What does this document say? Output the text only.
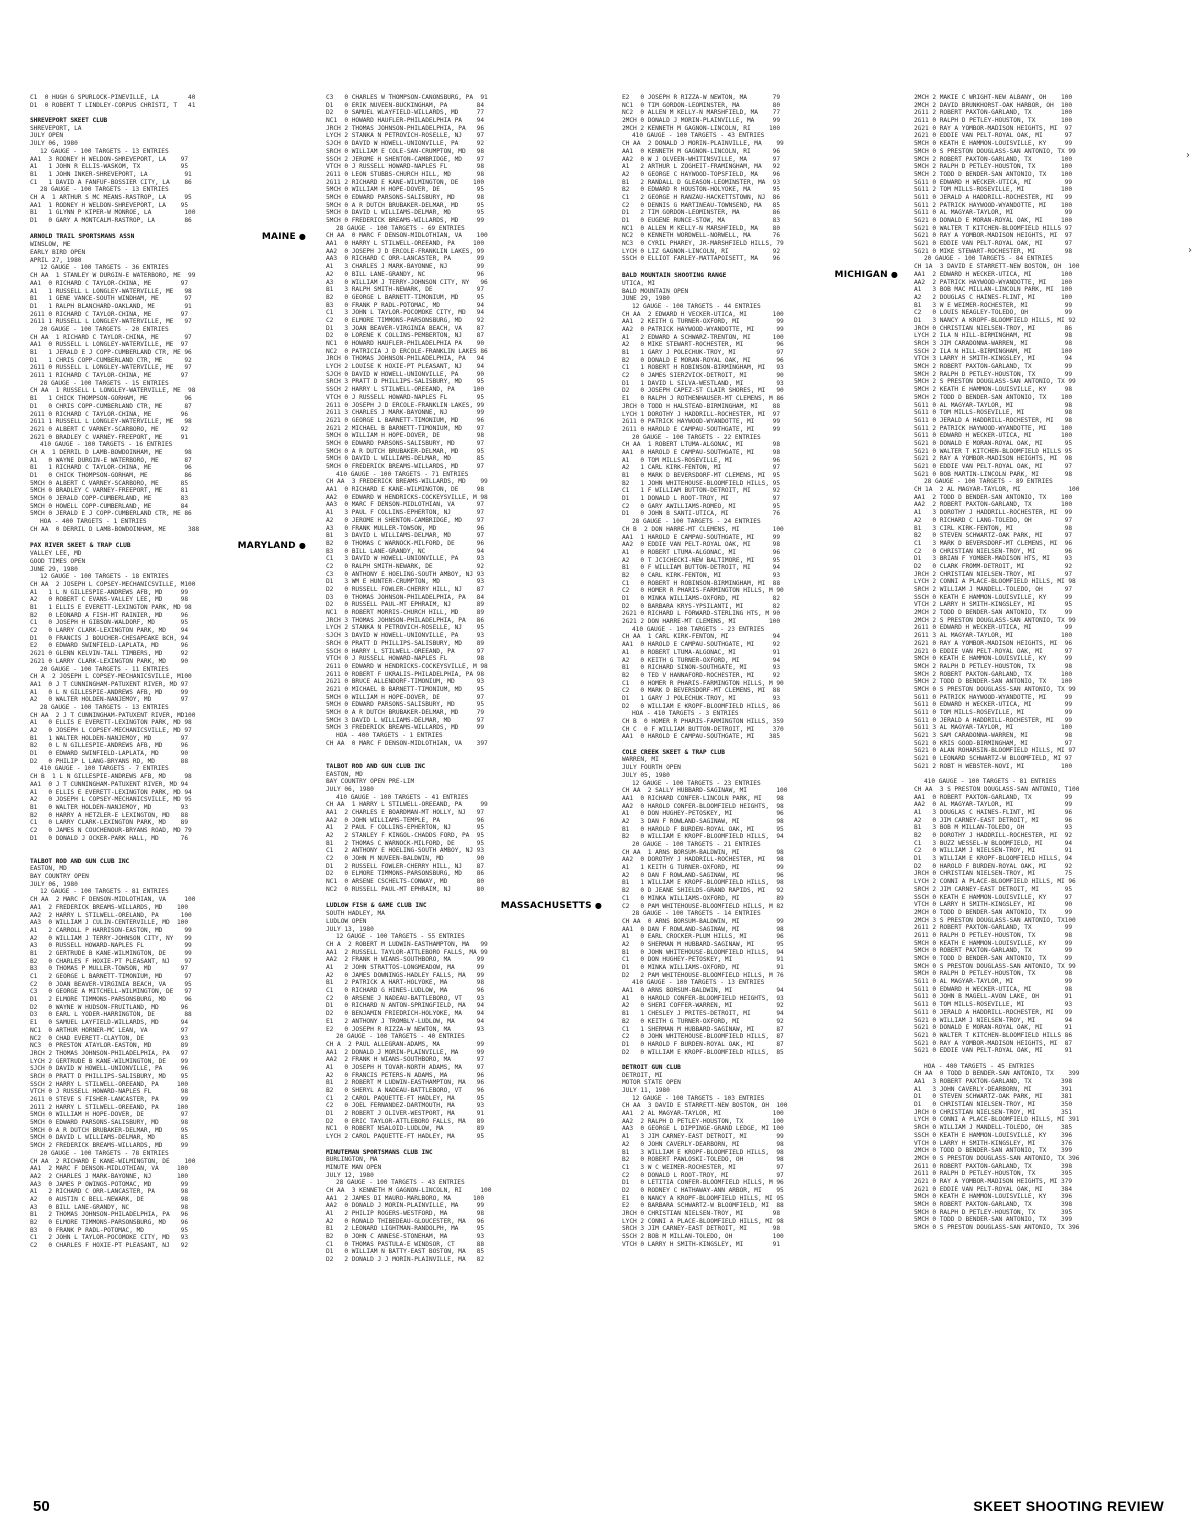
C1  0 HUGH G SPURLOCK-PINEVILLE, LA        40
D1  0 ROBERT T LINDLEY-CORPUS CHRISTI, T   41
SHREVEPORT SKEET CLUB
SHREVEPORT, LA
JULY OPEN
JULY 06, 1980
12 GAUGE - 100 TARGETS - 13 ENTRIES
AA1  3 RODNEY H WELDON-SHREVEPORT, LA    97
A1   1 JOHN R ELLIS-WASKOM, TX           95
B1   1 JOHN INKER-SHREVEPORT, LA          91
C1   1 DAVID A FANFUF-BOSSIER CITY, LA    86
28 GAUGE - 100 TARGETS - 13 ENTRIES
CH A  1 ARTHUR S MC MEANS-RASTROP, LA     95
AA1  1 RODNEY H WELDON-SHREVEPORT, LA    95
B1   1 GLYNN P KIPER-W MONROE, LA         100
D1   0 GARY A MONTCALM-RASTROP, LA        86
ARNOLD TRAIL SPORTSMANS ASSN	MAINE ●
WINSLOW, ME
EARLY BIRD OPEN
APRIL 27, 1980
12 GAUGE - 100 TARGETS - 36 ENTRIES
CH AA  1 STANLEY W DURGIN-E WATERBORO, ME  99
AA1  0 RICHARD C TAYLOR-CHINA, ME        97
A1   1 RUSSELL L LONGLEY-WATERVILLE, ME   98
B1   1 GENE VANCE-SOUTH WINDHAM, ME       97
D1   1 RALPH BLANCHARD-OAKLAND, ME        91
2G11 0 RICHARD C TAYLOR-CHINA, ME        97
2G11 1 RUSSELL L LONGLEY-WATERVILLE, ME   97
20 GAUGE - 100 TARGETS - 20 ENTRIES
CH AA  1 RICHARD C TAYLOR-CHINA, ME       97
AA1  0 RUSSELL L LONGLEY-WATERVILLE, ME  97
B1   1 JERALD E J COPP-CUMBERLAND CTR, ME 96
D1   1 CHRIS COPP-CUMBERLAND CTR, ME      92
2G11 0 RUSSELL L LONGLEY-WATERVILLE, ME   97
2G11 1 RICHARD C TAYLOR-CHINA, ME        97
28 GAUGE - 100 TARGETS - 15 ENTRIES
CH AA  1 RUSSELL L LONGLEY-WATERVILLE, ME  98
B1   1 CHICK THOMPSON-GORHAM, ME          96
D1   0 CHRIS COPP-CUMBERLAND CTR, ME      87
2G11 0 RICHARD C TAYLOR-CHINA, ME        96
2G11 1 RUSSELL L LONGLEY-WATERVILLE, ME   98
2G21 0 ALBERT C VARNEY-SCARBORO, ME      92
2G21 0 BRADLEY C VARNEY-FREEPORT, ME     91
410 GAUGE - 100 TARGETS - 16 ENTRIES
CH A  1 DERRIL D LAMB-BOWDOINHAM, ME      98
A1   0 WAYNE DURGIN-E WATERBORO, ME       87
B1   1 RICHARD C TAYLOR-CHINA, ME         96
D1   0 CHICK THOMPSON-GORHAM, ME          86
5MCH 0 ALBERT C VARNEY-SCARBORO, ME      85
5MCH 0 BRADLEY C VARNEY-FREEPORT, ME     81
5MCH 0 JERALD COPP-CUMBERLAND, ME        83
5MCH 0 HOWELL COPP-CUMBERLAND, ME        84
5MCH 0 JERALD E J COPP-CUMBERLAND CTR, ME 86
HOA - 400 TARGETS - 1 ENTRIES
CH AA  0 DERRIL D LAMB-BOWDOINHAM, ME      388
PAX RIVER SKEET & TRAP CLUB	MARYLAND ●
VALLEY LEE, MD
GOOD TIMES OPEN
JUNE 29, 1980
12 GAUGE - 100 TARGETS - 18 ENTRIES
CH AA  2 JOSEPH L COPSEY-MECHANICSVILLE, M100
A1   1 L N GILLESPIE-ANDREWS AFB, MD     99
A2   0 ROBERT C EVANS-VALLEY LEE, MD     98
B1   1 ELLIS E EVERETT-LEXINGTON PARK, MD 98
B2   0 LEONARD A FISH-MT RAINIER, MD     96
C1   0 JOSEPH H GIBSON-WALDORF, MD       95
C2   0 LARRY CLARK-LEXINGTON PARK, MD    94
D1   0 FRANCIS J BOUCHER-CHESAPEAKE BCH, 94
E2   0 EDWARD SWINFIELD-LAPLATA, MD      96
2G21 0 GLENN KELVIN-TALL TIMBERS, MD     92
2G21 0 LARRY CLARK-LEXINGTON PARK, MD    90
20 GAUGE - 100 TARGETS - 11 ENTRIES
CH A  2 JOSEPH L COPSEY-MECHANICSVILLE, M100
AA1  0 J T CUNNINGHAM-PATUXENT RIVER, MD 97
A1   0 L N GILLESPIE-ANDREWS AFB, MD     99
A2   0 WALTER HOLDEN-NANJEMOY, MD        97
28 GAUGE - 100 TARGETS - 13 ENTRIES
CH AA  2 J T CUNNINGHAM-PATUXENT RIVER, MD100
A1   0 ELLIS E EVERETT-LEXINGTON PARK, MD 98
A2   0 JOSEPH L COPSEY-MECHANICSVILLE, MD 97
B1   1 WALTER HOLDEN-NANJEMOY, MD        97
B2   0 L N GILLESPIE-ANDREWS AFB, MD     96
D1   0 EDWARD SWINFIELD-LAPLATA, MD      90
D2   0 PHILIP L LANG-BRYANS RD, MD       88
410 GAUGE - 100 TARGETS - 7 ENTRIES
CH B  1 L N GILLESPIE-ANDREWS AFB, MD     98
AA1  0 J T CUNNINGHAM-PATUXENT RIVER, MD 94
A1   0 ELLIS E EVERETT-LEXINGTON PARK, MD 94
A2   0 JOSEPH L COPSEY-MECHANICSVILLE, MD 95
B1   0 WALTER HOLDEN-NANJEMOY, MD        93
B2   0 HARRY A HETZLER-E LEXINGTON, MD   88
C1   0 LARRY CLARK-LEXINGTON PARK, MD    89
C2   0 JAMES N COUCHENOUR-BRYANS ROAD, MD 79
D1   0 DONALD J OCKER-PARK HALL, MD      76
TALBOT ROD AND GUN CLUB INC
EASTON, MD
BAY COUNTRY OPEN
JULY 06, 1980
12 GAUGE - 100 TARGETS - 81 ENTRIES
CH AA  2 MARC F DENSON-MIDLOTHIAN, VA     100
AA1  2 FREDERICK BREAMS-WILLARDS, MD    100
AA2  2 HARRY L STILWELL-ORELAND, PA      100
AA3  0 WILLIAM J CULIN-CENTERVILLE, MD  100
A1   2 CARROLL P HARRISON-EASTON, MD      99
A2   0 WILLIAM J TERRY-JOHNSON CITY, NY   99
A3   0 RUSSELL HOWARD-NAPLES FL           99
B1   2 GERTRUDE B KANE-WILMINGTON, DE     99
B2   0 CHARLES F HOXIE-PT PLEASANT, NJ    97
B3   0 THOMAS P MULLER-TOWSON, MD        97
C1   2 GEORGE L BARNETT-TIMONIUM, MD      97
C2   0 JOAN BEAVER-VIRGINIA BEACH, VA     95
C3   0 GEORGE A MITCHELL-WILMINGTON, DE   97
D1   2 ELMORE TIMMONS-PARSONSBURG, MD     96
D2   0 WAYNE W HUDSON-FRUITLAND, MD      96
D3   0 EARL L YODER-HARRINGTON, DE        88
E1   0 SAMUEL LAYFIELD-WILLARDS, MD      94
NC1  0 ARTHUR HORNER-MC LEAN, VA         97
NC2  0 CHAD EVERETT-CLAYTON, DE          93
NC3  0 PRESTON ATAYLOR-EASTON, MD        89
JRCH 2 THOMAS JOHNSON-PHILADELPHIA, PA   97
LYCH 2 GERTRUDE B KANE-WILMINGTON, DE    99
SJCH 0 DAVID W HOWELL-UNIONVILLE, PA     96
SRCH 0 PRATT D PHILLIPS-SALISBURY, MD    95
SSCH 2 HARRY L STILWELL-OREEAND, PA     100
VTCH 0 J RUSSELL HOWARD-NAPLES FL        98
2G11 0 STEVE S FISHER-LANCASTER, PA      99
2G11 2 HARRY L STILWELL-OREEAND, PA     100
5MCH 0 WILLIAM H HOPE-DOVER, DE          97
5MCH 0 EDWARD PARSONS-SALISBURY, MD      98
5MCH 0 A R DUTCH BRUBAKER-DELMAR, MD     95
5MCH 0 DAVID L WILLIAMS-DELMAR, MD       85
5MCH 2 FREDERICK BREAMS-WILLARDS, MD     99
20 GAUGE - 100 TARGETS - 78 ENTRIES
CH AA  2 RICHARD E KANE-WILMINGTON, DE    100
AA1  2 MARC F DENSON-MIDLOTHIAN, VA     100
AA2  2 CHARLES J MARK-BAYONNE, NJ       100
AA3  0 JAMES P OWINGS-POTOMAC, MD        99
A1   2 RICHARD C ORR-LANCASTER, PA       98
A2   0 AUSTIN C BELL-NEWARK, DE          98
A3   0 BILL LANE-GRANDY, NC              98
B1   2 THOMAS JOHNSON-PHILADELPHIA, PA   96
B2   0 ELMORE TIMMONS-PARSONSBURG, MD    96
B3   0 FRANK P RADL-POTOMAC, MD          95
C1   2 JOHN L TAYLOR-POCOMOKE CITY, MD   93
C2   0 CHARLES F HOXIE-PT PLEASANT, NJ   92
C3   0 CHARLES W THOMPSON-CANONSBURG, PA  91
D1   0 ERIK NUVEEN-BUCKINGHAM, PA        84
D2   0 SAMUEL WLAYFIELD-WILLARDS, MD     77
NC1  0 HOWARD HAUFLER-PHILADELPHIA PA    94
JRCH 2 THOMAS JOHNSON-PHILADELPHIA, PA   96
LYCH 2 STANKA N PETROVICH-ROSELLE, NJ    97
SJCH 0 DAVID W HOWELL-UNIONVILLE, PA     92
SRCH 0 WILLIAM E COLE-SAN-CRUMPTON, MD   98
SSCH 2 JEROME H SHENTON-CAMBRIDGE, MD    97
VTCH 0 J RUSSELL HOWARD-NAPLES FL        98
2G11 0 LEON STUBBS-CHURCH HILL, MD       98
2G11 2 RICHARD E KANE-WILMINGTON, DE    100
5MCH 0 WILLIAM H HOPE-DOVER, DE          95
5MCH 0 EDWARD PARSONS-SALISBURY, MD      98
5MCH 0 A R DUTCH BRUBAKER-DELMAR, MD     95
5MCH 0 DAVID L WILLIAMS-DELMAR, MD       95
5MCH 0 FREDERICK BREAMS-WILLARDS, MD     99
28 GAUGE - 100 TARGETS - 69 ENTRIES
CH AA  0 MARC F DENSON-MIDLOTHIAN, VA    100
AA1  0 HARRY L STILWELL-OREEAND, PA     100
AA2  0 JOSEPH J D ERCOLE-FRANKLIN LAKES, 99
AA3  0 RICHARD C ORR-LANCASTER, PA       99
A1   3 CHARLES J MARK-BAYONNE, NJ        99
A2   0 BILL LANE-GRANDY, NC              96
A3   0 WILLIAM J TERRY-JOHNSON CITY, NY   96
B1   3 RALPH SMITH-NEWARK, DE            97
B2   0 GEORGE L BARNETT-TIMONIUM, MD     95
B3   0 FRANK P RADL-POTOMAC, MD          94
C1   3 JOHN L TAYLOR-POCOMOKE CITY, MD   94
C2   0 ELMORE TIMMONS-PARSONSBURG, MD    92
D1   3 JOAN BEAVER-VIRGINIA BEACH, VA    87
D2   0 LORENE K COLLINS-PEMBERTON, NJ    87
NC1  0 HOWARD HAUFLER-PHILADELPHIA PA    90
NC2  0 PATRICIA J D ERCOLE-FRANKLIN LAKES 86
JRCH 0 THOMAS JOHNSON-PHILADELPHIA, PA   94
LYCH 2 LOUISE K HOXIE-PT PLEASANT, NJ    94
SJCH 0 DAVID W HOWELL-UNIONVILLE, PA     90
SRCH 3 PRATT D PHILLIPS-SALISBURY, MD    95
SSCH 2 HARRY L STILWELL-OREEAND, PA     100
VTCH 0 J RUSSELL HOWARD-NAPLES FL        95
2G11 0 JOSEPH J D ERCOLE-FRANKLIN LAKES, 99
2G11 3 CHARLES J MARK-BAYONNE, NJ        99
2G21 0 GEORGE L BARNETT-TIMONIUM, MD     96
2G21 2 MICHAEL B BARNETT-TIMONIUM, MD    97
5MCH 0 WILLIAM H HOPE-DOVER, DE          98
5MCH 0 EDWARD PARSONS-SALISBURY, MD      97
5MCH 0 A R DUTCH BRUBAKER-DELMAR, MD     95
5MCH 0 DAVID L WILLIAMS-DELMAR, MD       85
5MCH 0 FREDERICK BREAMS-WILLARDS, MD     97
410 GAUGE - 100 TARGETS - 71 ENTRIES
CH AA  3 FREDERICK BREAMS-WILLARDS, MD    99
AA1  0 RICHARD E KANE-WILMINGTON, DE     98
AA2  0 EDWARD W HENDRICKS-COCKEYSVILLE, M 98
AA3  0 MARC F DENSON-MIDLOTHIAN, VA      97
A1   3 PAUL F COLLINS-EPHERTON, NJ       97
A2   0 JEROME H SHENTON-CAMBRIDGE, MD    97
A3   0 FRANK MULLER-TOWSON, MD           96
B1   3 DAVID L WILLIAMS-DELMAR, MD       97
B2   0 THOMAS C WARNOCK-MILFORD, DE      96
B3   0 BILL LANE-GRANDY, NC              94
C1   3 DAVID W HOWELL-UNIONVILLE, PA     93
C2   0 RALPH SMITH-NEWARK, DE            92
C3   0 ANTHONY E HOELING-SOUTH AMBOY, NJ 93
D1   3 WM E HUNTER-CRUMPTON, MD          93
D2   0 RUSSELL FOWLER-CHERRY HILL, NJ    87
D3   0 THOMAS JOHNSON-PHILADELPHIA, PA   84
D2   0 RUSSELL PAUL-MT EPHRAIM, NJ       89
NC1  0 ROBERT MORRIS-CHURCH HILL, MD     89
JRCH 3 THOMAS JOHNSON-PHILADELPHIA, PA   86
LYCH 2 STANKA N PETROVICH-ROSELLE, NJ    95
SJCH 3 DAVID W HOWELL-UNIONVILLE, PA     93
SRCH 0 PRATT D PHILLIPS-SALISBURY, MD    89
SSCH 0 HARRY L STILWELL-OREEAND, PA      97
VTCH 0 J RUSSELL HOWARD-NAPLES FL        98
2G11 0 EDWARD W HENDRICKS-COCKEYSVILLE, M 98
2G11 0 ROBERT F UKRALIS-PHILADELPHIA, PA 98
2G21 0 BRUCE ALLENDORF-TIMONIUM, MD      93
2G21 0 MICHAEL B BARNETT-TIMONIUM, MD    95
5MCH 0 WILLIAM H HOPE-DOVER, DE          97
5MCH 0 EDWARD PARSONS-SALISBURY, MD      95
5MCH 0 A R DUTCH BRUBAKER-DELMAR, MD     79
5MCH 3 DAVID L WILLIAMS-DELMAR, MD       97
5MCH 3 FREDERICK BREAMS-WILLARDS, MD     99
HOA - 400 TARGETS - 1 ENTRIES
CH AA  0 MARC F DENSON-MIDLOTHIAN, VA    397
TALBOT ROD AND GUN CLUB INC
EASTON, MD
BAY COUNTRY OPEN PRE-LIM
JULY 06, 1980
410 GAUGE - 100 TARGETS - 41 ENTRIES
CH AA  1 HARRY L STILWELL-OREEAND, PA     99
AA1  2 CHARLES E BOARDMAN-MT HOLLY, NJ   97
AA2  0 JOHN WILLIAMS-TEMPLE, PA          96
A1   2 PAUL F COLLINS-EPHERTON, NJ       95
A2   2 STANLEY F KINGOL-CHADDS FORD, PA  95
B1   2 THOMAS C WARNOCK-MILFORD, DE      95
C1   2 ANTHONY E HOELING-SOUTH AMBOY, NJ 93
C2   0 JOHN M NUVEEN-BALDWIN, MD         90
D1   2 RUSSELL FOWLER-CHERRY HILL, NJ    87
D2   0 ELMORE TIMMONS-PARSONSBURG, MD    86
NC1  0 ARSENE CSCHELTS-CONWAY, MD        80
NC2  0 RUSSELL PAUL-MT EPHRAIM, NJ       80
LUDLOW FISH & GAME CLUB INC	MASSACHUSETTS ●
SOUTH HADLEY, MA
LUDLOW OPEN
JULY 13, 1980
12 GAUGE - 100 TARGETS - 55 ENTRIES
CH A  2 ROBERT M LUDWIN-EASTHAMPTON, MA   99
AA1  2 RUSSELL TAYLOR-ATTLEBORO FALLS, MA 99
AA2  2 FRANK H WIANS-SOUTHBORO, MA       99
A1   2 JOHN STRATTOS-LONGMEADOW, MA      99
A2   0 JAMES DOWNINGS-HADLEY FALLS, MA   99
B1   2 PATRICK A HART-HOLYOKE, MA        98
C1   0 RICHARD G HINES-LUDLOW, MA        96
C2   0 ARSENE J NADEAU-BATTLEBORO, VT    93
D1   0 RICHARD N ANTON-SPRINGFIELD, MA   94
D2   0 BENJAMIN FRIEDRICH-HOLYOKE, MA    94
E1   2 ANTHONY J TROMBLY-LUDLOW, MA      94
E2   0 JOSEPH R RIZZA-W NEWTON, MA       93
20 GAUGE - 100 TARGETS - 40 ENTRIES
CH A  2 PAUL ALLEGRAN-ADAMS, MA          99
AA1  2 DONALD J MORIN-PLAINVILLE, MA     99
AA2  2 FRANK H WIANS-SOUTHBORO, MA       97
A1   0 JOSEPH H TOVAR-NORTH ADAMS, MA    97
A2   0 FRANCIS PETERS-N ADAMS, MA        96
B1   2 ROBERT M LUDWIN-EASTHAMPTON, MA   96
B2   0 SHERYL A NADEAU-BATTLEBORO, VT    96
C1   2 CAROL PAQUETTE-FT HADLEY, MA      95
C2   0 JOEL FERNANDEZ-DARTMOUTH, MA      93
D1   2 ROBERT J OLIVER-WESTPORT, MA      91
D2   0 ERIC TAYLOR-ATTLEBORO FALLS, MA   89
NC1  0 ROBERT NSALOID-LUDLOW, MA         89
LYCH 2 CAROL PAQUETTE-FT HADLEY, MA      95
MINUTEMAN SPORTSMANS CLUB INC
BURLINGTON, MA
MINUTE MAN OPEN
JULY 12, 1980
28 GAUGE - 100 TARGETS - 43 ENTRIES
CH AA  3 KENNETH M GAGNON-LINCOLN, RI     100
AA1  2 JAMES DI MAURO-MARLBORO, MA      100
AA2  0 DONALD J MORIN-PLAINVILLE, MA     99
A1   2 PHILIP ROGERS-WESTFORD, MA        98
A2   0 RONALD THIBEDEAU-GLOUCESTER, MA   96
B1   2 LEONARD LIGHTMAN-RANDOLPH, MA     95
B2   0 JOHN C ANNESE-STONEHAM, MA        93
C1   0 THOMAS PASTULA-E WINDSOR, CT      88
D1   0 WILLIAM N BATTY-EAST BOSTON, MA   85
D2   2 DONALD J J MORIN-PLAINVILLE, MA   82
E2   0 JOSEPH R RIZZA-W NEWTON, MA       79
NC1  0 TIM GORDON-LEOMINSTER, MA         80
NC2  0 ALLEN M KELLY-N MARSHFIELD, MA    77
2MCH 0 DONALD J MORIN-PLAINVILLE, MA     99
2MCH 2 KENNETH M GAGNON-LINCOLN, RI     100
410 GAUGE - 100 TARGETS - 43 ENTRIES
CH AA  2 DONALD J MORIN-PLAINVILLE, MA    99
AA1  0 KENNETH M GAGNON-LINCOLN, RI      96
AA2  0 W J OLVEEN-WHITINSVILLE, MA       97
A1   2 ARTHUR L ZOGHEIT-FRAMINGHAM, MA   92
A2   0 GEORGE C HAYWOOD-TOPSFIELD, MA    96
B1   2 RANDALL D GLEASON-LEOMINSTER, MA  93
B2   0 EDWARD R HOUSTON-HOLYOKE, MA      95
C1   2 GEORGE H RANZAU-HACKETTSTOWN, NJ  86
C2   0 DENNIS G MARTINEAU-TOWNSEND, MA   85
D1   2 TIM GORDON-LEOMINSTER, MA         86
D1   0 EUGENE RUNCE-STOW, MA             83
NC1  0 ALLEN M KELLY-N MARSHFIELD, MA    80
NC2  0 KENNETH WORDWELL-NORWELL, MA      76
NC3  0 CYRIL PHAREY, JR-MARSHFIELD HILLS, 79
LYCH 0 LIZ GAGNON-LINCOLN, RI            92
SSCH 0 ELLIOT FARLEY-MATTAPOISETT, MA    96
BALD MOUNTAIN SHOOTING RANGE	MICHIGAN ●
UTICA, MI
BALD MOUNTAIN OPEN
JUNE 29, 1980
12 GAUGE - 100 TARGETS - 44 ENTRIES
CH AA  2 EDWARD H VECKER-UTICA, MI       100
AA1  2 KEITH G TURNER-OXFORD, MI          99
AA2  0 PATRICK HAYWOOD-WYANDOTTE, MI      99
A1   2 EDWARD A SCHWARZ-TRENTON, MI      100
A2   0 MIKE STEWART-ROCHESTER, MI         96
B1   1 GARY J POLECHUK-TROY, MI           97
B2   0 DONALD E MORAN-ROYAL OAK, MI       96
C1   1 ROBERT H ROBINSON-BIRMINGHAM, MI   93
C2   0 JAMES SIERZVICK-DETROIT, MI        90
D1   1 DAVID L SILVA-WESTLAND, MI         93
D2   0 JOSEPH CAPEZ-ST CLAIR SHORES, MI   90
E1   0 RALPH J ROTHENHAUSER-MT CLEMENS, M 86
JRCH 0 TODD H HALSTEAD-BIRMINGHAM, MI    88
LYCH 1 DOROTHY J HADDRILL-ROCHESTER, MI  97
2G11 0 PATRICK HAYWOOD-WYANDOTTE, MI     99
2G11 0 HAROLD E CAMPAU-SOUTHGATE, MI     99
20 GAUGE - 100 TARGETS - 22 ENTRIES
CH AA  1 ROBERT LTUMA-ALGONAC, MI        98
AA1  0 HAROLD E CAMPAU-SOUTHGATE, MI     98
A1   0 TOM MILLS-ROSEVILLE, MI           96
A2   1 CARL KIRK-FENTON, MI              97
B1   0 MARK D BEVERSDORF-MT CLEMENS, MI  95
B2   1 JOHN WHITEHOUSE-BLOOMFIELD HILLS, 95
C1   1 F WILLIAM BUTTON-DETROIT, MI      92
D1   1 DONALD L ROOT-TROY, MI            97
C2   0 GARY AWILLIAMS-ROMEO, MI          95
D1   0 JOHN B SANTI-UTICA, MI            76
28 GAUGE - 100 TARGETS - 24 ENTRIES
CH B  2 DON HARRE-MT CLEMENS, MI         100
AA1  1 HAROLD E CAMPAU-SOUTHGATE, MI     99
AA2  0 EDDIE VAN PELT-ROYAL OAK, MI      98
A1   0 ROBERT LTUMA-ALGONAC, MI          96
A2   0 T JCICHECKI-NEW BALTIMORE, MI     95
B1   0 F WILLIAM BUTTON-DETROIT, MI      94
B2   0 CARL KIRK-FENTON, MI              93
C1   0 ROBERT H ROBINSON-BIRMINGHAM, MI  88
C2   0 HOMER R PHARIS-FARMINGTON HILLS, M 90
D1   0 MINKA WILLIAMS-OXFORD, MI         82
D2   0 BARBARA KRYS-YPSILANTI, MI        82
2G21 0 RICHARD L FORWARD-STERLING HTS, M 90
2G21 2 DON HARRE-MT CLEMENS, MI         100
410 GAUGE - 100 TARGETS - 23 ENTRIES
CH AA  1 CARL KIRK-FENTON, MI            94
AA1  0 HAROLD E CAMPAU-SOUTHGATE, MI     92
A1   0 ROBERT LTUMA-ALGONAC, MI          91
A2   0 KEITH G TURNER-OXFORD, MI         94
B1   0 RICHARD SINON-SOUTHGATE, MI       93
B2   0 TED V HANNAFORD-ROCHESTER, MI     92
C1   0 HOMER R PHARIS-FARMINGTON HILLS, M 90
C2   0 MARK D BEVERSDORF-MT CLEMENS, MI  88
D1   1 GARY J POLECHUK-TROY, MI          93
D2   0 WILLIAM E KROPF-BLOOMFIELD HILLS, 86
HOA - 410 TARGETS - 3 ENTRIES
CH B  0 HOMER R PHARIS-FARMINGTON HILLS, 359
CH C  0 F WILLIAM BUTTON-DETROIT, MI     370
AA1  0 HAROLD E CAMPAU-SOUTHGATE, MI    385
COLE CREEK SKEET & TRAP CLUB
WARREN, MI
JULY FOURTH OPEN
JULY 05, 1980
12 GAUGE - 100 TARGETS - 23 ENTRIES
CH AA  2 SALLY HUBBARD-SAGINAW, MI        100
AA1  0 RICHARD CONFER-LINCOLN PARK, MI    98
AA2  0 HAROLD CONFER-BLOOMFIELD HEIGHTS,  98
A1   0 DON HUGHEY-PETOSKEY, MI            96
A2   3 DAN F ROWLAND-SAGINAW, MI          98
B1   0 HAROLD F BURDEN-ROYAL OAK, MI      95
B2   0 WILLIAM E KROPF-BLOOMFIELD HILLS,  94
20 GAUGE - 100 TARGETS - 21 ENTRIES
CH AA  1 ARNS BORSUM-BALDWIN, MI          98
AA2  0 DOROTHY J HADDRILL-ROCHESTER, MI   98
A1   1 KEITH G TURNER-OXFORD, MI          99
A2   0 DAN F ROWLAND-SAGINAW, MI          96
B1   1 WILLIAM E KROPF-BLOOMFIELD HILLS,  98
B2   0 D JEANE SHIELDS-GRAND RAPIDS, MI   92
C1   0 MINKA WILLIAMS-OXFORD, MI          89
C2   0 PAM WHITEHOUSE-BLOOMFIELD HILLS, M 82
28 GAUGE - 100 TARGETS - 14 ENTRIES
CH AA  0 ARNS BORSUM-BALDWIN, MI          99
AA1  0 DAN F ROWLAND-SAGINAW, MI          98
A1   0 EARL CROCKER-PLUM HILLS, MI        96
A2   0 SHERMAN M HUBBARD-SAGINAW, MI      95
B1   0 JOHN WHITEHOUSE-BLOOMFIELD HILLS,  94
C1   0 DON HUGHEY-PETOSKEY, MI            91
D1   0 MINKA WILLIAMS-OXFORD, MI          91
D2   2 PAM WHITEHOUSE-BLOOMFIELD HILLS, M 76
410 GAUGE - 100 TARGETS - 13 ENTRIES
AA1  0 ARNS BORSUM-BALDWIN, MI            94
A1   0 HAROLD CONFER-BLOOMFIELD HEIGHTS,  93
A2   0 SHERI COFFER-WARREN, MI            92
B1   1 CHESLEY J PRITES-DETROIT, MI       94
B2   0 KEITH G TURNER-OXFORD, MI          92
C1   1 SHERMAN M HUBBARD-SAGINAW, MI      87
C2   0 JOHN WHITEHOUSE-BLOOMFIELD HILLS,  87
D1   0 HAROLD F BURDEN-ROYAL OAK, MI      87
D2   0 WILLIAM E KROPF-BLOOMFIELD HILLS,  85
DETROIT GUN CLUB
DETROIT, MI
MOTOR STATE OPEN
JULY 11, 1980
12 GAUGE - 100 TARGETS - 103 ENTRIES
CH AA  3 DAVID E STARRETT-NEW BOSTON, OH  100
AA1  2 AL MAGYAR-TAYLOR, MI              100
AA2  2 RALPH D PETLEY-HOUSTON, TX        100
AA3  0 GEORGE L DIPPINGE-GRAND LEDGE, MI 100
A1   3 JIM CARNEY-EAST DETROIT, MI        99
A2   0 JOHN CAVERLY-DEARBORN, MI          98
B1   3 WILLIAM E KROPF-BLOOMFIELD HILLS,  98
B2   0 ROBERT PAWLOSKI-TOLEDO, OH         98
C1   3 W C WEIMER-ROCHESTER, MI           97
C2   0 DONALD L ROOT-TROY, MI             97
D1   0 LETITIA CONFER-BLOOMFIELD HILLS, M 96
D2   0 RODNEY C HATHAWAY-ANN ARBOR, MI    95
E1   0 NANCY A KROPF-BLOOMFIELD HILLS, MI 95
E2   0 BARBARA SCHWARTZ-W BLOOMFIELD, MI  88
JRCH 0 CHRISTIAN NIELSEN-TROY, MI        98
LYCH 2 CONNI A PLACE-BLOOMFIELD HILLS, MI 98
SRCH 3 JIM CARNEY-EAST DETROIT, MI       98
SSCH 2 BOB M MILLAN-TOLEDO, OH           100
VTCH 0 LARRY H SMITH-KINGSLEY, MI        91
2MCH 2 MAKIE C WRIGHT-NEW ALBANY, OH    100
2MCH 2 DAVID BRUNKHORST-OAK HARBOR, OH  100
2G11 2 ROBERT PAXTON-GARLAND, TX        100
2G11 0 RALPH D PETLEY-HOUSTON, TX       100
2G21 0 RAY A YOMBOR-MADISON HEIGHTS, MI  97
2G21 0 EDDIE VAN PELT-ROYAL OAK, MI      97
5MCH 0 KEATH E HAMMON-LOUISVILLE, KY     99
5MCH 0 S PRESTON DOUGLASS-SAN ANTONIO, TX 99
5MCH 2 ROBERT PAXTON-GARLAND, TX        100
5MCH 2 RALPH D PETLEY-HOUSTON, TX       100
5MCH 2 TODD D BENDER-SAN ANTONIO, TX    100
5G11 0 EDWARD H WECKER-UTICA, MI         99
5G11 2 TOM MILLS-ROSEVILLE, MI          100
5G11 0 JERALD A HADDRILL-ROCHESTER, MI   99
5G11 2 PATRICK HAYWOOD-WYANDOTTE, MI    100
5G11 0 AL MAGYAR-TAYLOR, MI              99
5G21 0 DONALD E MORAN-ROYAL OAK, MI     100
5G21 0 WALTER T KITCHEN-BLOOMFIELD HILLS 97
5G21 0 RAY A YOMBOR-MADISON HEIGHTS, MI  97
5G21 0 EDDIE VAN PELT-ROYAL OAK, MI      97
5G21 0 MIKE STEWART-ROCHESTER, MI        98
20 GAUGE - 100 TARGETS - 84 ENTRIES
CH 1A  3 DAVID E STARRETT-NEW BOSTON, OH  100
AA1  2 EDWARD H WECKER-UTICA, MI        100
AA2  2 PATRICK HAYWOOD-WYANDOTTE, MI    100
A1   3 BOB MAC MILLAN-LINCOLN PARK, MI  100
A2   2 DOUGLAS C HAINES-FLINT, MI       100
B1   3 W E WEIMER-ROCHESTER, MI          99
C2   0 LOUIS NEAGLEY-TOLEDO, OH          99
D1   3 NANCY A KROPF-BLOOMFIELD HILLS, MI 92
JRCH 0 CHRISTIAN NIELSEN-TROY, MI        86
LYCH 2 ILA N HILL-BIRMINGHAM, MI         98
SRCH 3 JIM CARADONNA-WARREN, MI          98
SSCH 2 ILA N HILL-BIRMINGHAM, MI        100
VTCH 3 LARRY H SMITH-KINGSLEY, MI        94
5MCH 2 ROBERT PAXTON-GARLAND, TX         99
5MCH 2 RALPH D PETLEY-HOUSTON, TX        99
5MCH 2 S PRESTON DOUGLASS-SAN ANTONIO, TX 99
5MCH 2 KEATH E HAMMON-LOUISVILLE, KY     98
5MCH 2 TODD D BENDER-SAN ANTONIO, TX    100
5G11 0 AL MAGYAR-TAYLOR, MI              98
5G11 0 TOM MILLS-ROSEVILLE, MI           98
5G11 0 JERALD A HADDRILL-ROCHESTER, MI   98
5G11 2 PATRICK HAYWOOD-WYANDOTTE, MI    100
5G11 0 EDWARD H WECKER-UTICA, MI        100
5G21 0 DONALD E MORAN-ROYAL OAK, MI      95
5G21 0 WALTER T KITCHEN-BLOOMFIELD HILLS 95
5G21 2 RAY A YOMBOR-MADISON HEIGHTS, MI  98
5G21 0 EDDIE VAN PELT-ROYAL OAK, MI      97
5G21 0 BOB MARTIN-LINCOLN PARK, MI       98
28 GAUGE - 100 TARGETS - 89 ENTRIES
CH 1A  2 AL MAGYAR-TAYLOR, MI             100
AA1  2 TODD D BENDER-SAN ANTONIO, TX    100
AA2  2 ROBERT PAXTON-GARLAND, TX        100
A1   3 DOROTHY J HADDRILL-ROCHESTER, MI  99
A2   0 RICHARD C LANG-TOLEDO, OH         97
B1   3 CIRL KIRK-FENTON, MI              98
B2   0 STEVEN SCHWARTZ-OAK PARK, MI      97
C1   3 MARK D BEVERSDORF-MT CLEMENS, MI  96
C2   0 CHRISTIAN NIELSEN-TROY, MI        96
D1   3 BRIAN F YOMBER-MADISON HTS, MI    93
D2   0 CLARK FROMM-DETROIT, MI           92
JRCH 2 CHRISTIAN NIELSEN-TROY, MI        97
LYCH 2 CONNI A PLACE-BLOOMFIELD HILLS, MI 98
SRCH 2 WILLIAM J MANDELL-TOLEDO, OH      97
SSCH 0 KEATH E HAMMON-LOUISVILLE, KY     99
VTCH 2 LARRY H SMITH-KINGSLEY, MI        95
2MCH 2 TODD D BENDER-SAN ANTONIO, TX     99
2MCH 2 S PRESTON DOUGLASS-SAN ANTONIO, TX 99
2G11 0 EDWARD H WECKER-UTICA, MI         99
2G11 3 AL MAGYAR-TAYLOR, MI             100
2G21 0 RAY A YOMBOR-MADISON HEIGHTS, MI  96
2G21 0 EDDIE VAN PELT-ROYAL OAK, MI      97
5MCH 0 KEATH E HAMMON-LOUISVILLE, KY     99
5MCH 2 RALPH D PETLEY-HOUSTON, TX        98
5MCH 2 ROBERT PAXTON-GARLAND, TX        100
5MCH 2 TODD D BENDER-SAN ANTONIO, TX    100
5MCH 0 S PRESTON DOUGLASS-SAN ANTONIO, TX 99
5G11 0 PATRICK HAYWOOD-WYANDOTTE, MI     99
5G11 0 EDWARD H WECKER-UTICA, MI         99
5G11 0 TOM MILLS-ROSEVILLE, MI           99
5G11 0 JERALD A HADDRILL-ROCHESTER, MI   99
5G11 3 AL MAGYAR-TAYLOR, MI             100
5G21 3 SAM CARADONNA-WARREN, MI          98
5G21 0 KRIS GOOD-BIRMINGHAM, MI          97
5G21 0 ALAN ROHARSIN-BLOOMFIELD HILLS, MI 97
5G21 0 LEONARD SCHWARTZ-W BLOOMFIELD, MI 97
5G21 2 ROBT H WEBSTER-NOVI, MI          100
410 GAUGE - 100 TARGETS - 81 ENTRIES
CH AA  3 S PRESTON DOUGLASS-SAN ANTONIO, T100
AA1  0 ROBERT PAXTON-GARLAND, TX         99
AA2  0 AL MAGYAR-TAYLOR, MI              99
A1   3 DOUGLAS C HAINES-FLINT, MI        96
A2   0 JIM CARNEY-EAST DETROIT, MI       96
B1   3 BOB M MILLAN-TOLEDO, OH           93
B2   0 DOROTHY J HADDRILL-ROCHESTER, MI  92
C1   3 BUZZ WESSEL-W BLOOMFIELD, MI      94
C2   0 WILLIAM J NIELSEN-TROY, MI        91
D1   3 WILLIAM E KROPF-BLOOMFIELD HILLS, 94
D2   0 HAROLD F BURDEN-ROYAL OAK, MI     92
JRCH 0 CHRISTIAN NIELSEN-TROY, MI        75
LYCH 2 CONNI A PLACE-BLOOMFIELD HILLS, MI 96
SRCH 2 JIM CARNEY-EAST DETROIT, MI       95
SSCH 0 KEATH E HAMMON-LOUISVILLE, KY     97
VTCH 0 LARRY H SMITH-KINGSLEY, MI        90
2MCH 0 TODD D BENDER-SAN ANTONIO, TX     99
2MCH 3 S PRESTON DOUGLASS-SAN ANTONIO, TX100
2G11 2 ROBERT PAXTON-GARLAND, TX         99
2G11 0 RALPH D PETLEY-HOUSTON, TX        98
5MCH 0 KEATH E HAMMON-LOUISVILLE, KY     99
5MCH 0 ROBERT PAXTON-GARLAND, TX         99
5MCH 0 TODD D BENDER-SAN ANTONIO, TX     99
5MCH 0 S PRESTON DOUGLASS-SAN ANTONIO, TX 99
5MCH 0 RALPH D PETLEY-HOUSTON, TX        98
5G11 0 AL MAGYAR-TAYLOR, MI              99
5G11 0 EDWARD H WECKER-UTICA, MI         98
5G11 0 JOHN B MAGELL-AVON LAKE, OH       91
5G11 0 TOM MILLS-ROSEVILLE, MI           93
5G11 0 JERALD A HADDRILL-ROCHESTER, MI   99
5G21 0 WILLIAM J NIELSEN-TROY, MI        94
5G21 0 DONALD E MORAN-ROYAL OAK, MI      91
5G21 0 WALTER T KITCHEN-BLOOMFIELD HILLS 86
5G21 0 RAY A YOMBOR-MADISON HEIGHTS, MI  87
5G21 0 EDDIE VAN PELT-ROYAL OAK, MI      91
HOA - 400 TARGETS - 45 ENTRIES
CH AA  0 TODD D BENDER-SAN ANTONIO, TX    399
AA1  3 ROBERT PAXTON-GARLAND, TX        398
A1   3 JOHN CAVERLY-DEARBORN, MI        391
D1   0 STEVEN SCHWARTZ-OAK PARK, MI     381
D1   0 CHRISTIAN NIELSEN-TROY, MI       350
JRCH 0 CHRISTIAN NIELSEN-TROY, MI       351
LYCH 0 CONNI A PLACE-BLOOMFIELD HILLS, MI 391
SRCH 0 WILLIAM J MANDELL-TOLEDO, OH     385
SSCH 0 KEATH E HAMMON-LOUISVILLE, KY    396
VTCH 0 LARRY H SMITH-KINGSLEY, MI       376
2MCH 0 TODD D BENDER-SAN ANTONIO, TX    399
2MCH 0 S PRESTON DOUGLASS-SAN ANTONIO, TX 396
2G11 0 ROBERT PAXTON-GARLAND, TX        398
2G11 0 RALPH D PETLEY-HOUSTON, TX       395
2G21 0 RAY A YOMBOR-MADISON HEIGHTS, MI 379
2G21 0 EDDIE VAN PELT-ROYAL OAK, MI     384
5MCH 0 KEATH E HAMMON-LOUISVILLE, KY    396
5MCH 0 ROBERT PAXTON-GARLAND, TX        398
5MCH 0 RALPH D PETLEY-HOUSTON, TX       395
5MCH 0 TODD D BENDER-SAN ANTONIO, TX    399
5MCH 0 S PRESTON DOUGLASS-SAN ANTONIO, TX 396
›
›
50	SKEET SHOOTING REVIEW
